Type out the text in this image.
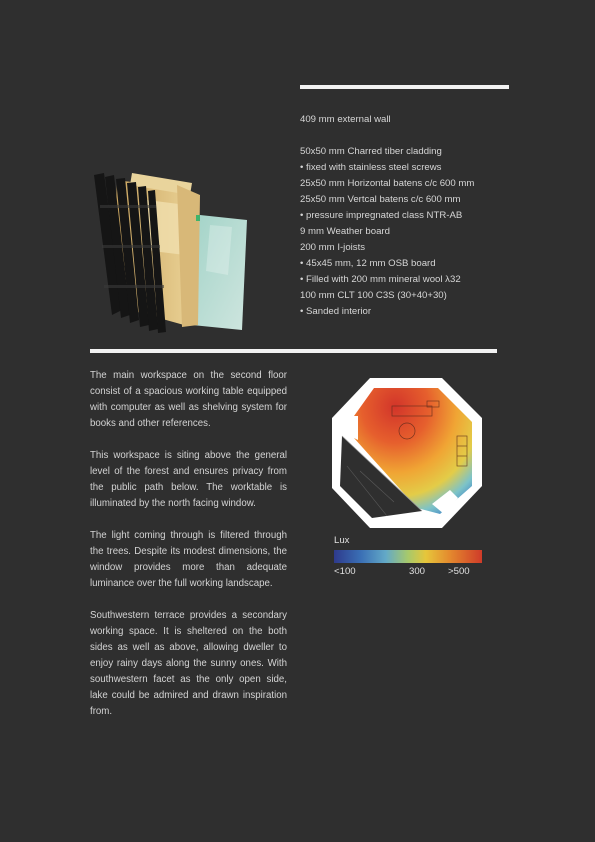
409 mm external wall
50x50 mm Charred tiber cladding
• fixed with stainless steel screws
25x50 mm Horizontal batens c/c 600 mm
25x50 mm Vertcal batens c/c 600 mm
• pressure impregnated class NTR-AB
9 mm Weather board
200 mm I-joists
• 45x45 mm, 12 mm OSB board
• Filled with 200 mm mineral wool λ32
100 mm CLT 100 C3S (30+40+30)
• Sanded interior

The main workspace on the second floor consist of a spacious working table equipped with computer as well as shelving system for books and other references.

This workspace is siting above the general level of the forest and ensures privacy from the public path below. The worktable is illuminated by the north facing window.

The light coming through is filtered through the trees. Despite its modest dimensions, the window provides more than adequate luminance over the full working landscape.

Southwestern terrace provides a secondary working space. It is sheltered on the both sides as well as above, allowing dweller to enjoy rainy days along the sunny ones. With southwestern facet as the only open side, lake could be admired and drawn inspiration from.

Lux
<100	300 >500
